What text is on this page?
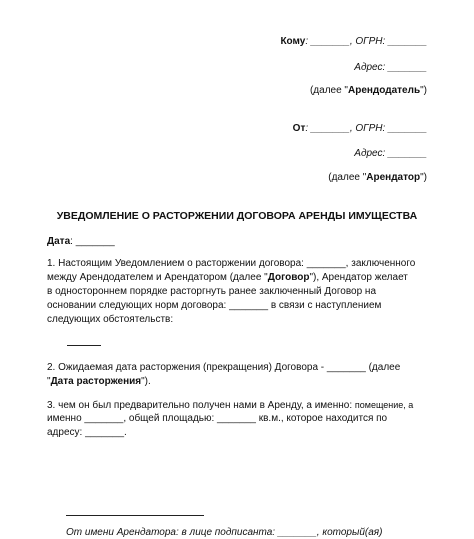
Кому: _______, ОГРН: _______
Адрес: _______
(далее "Арендодатель")
От: _______, ОГРН: _______
Адрес: _______
(далее "Арендатор")
УВЕДОМЛЕНИЕ О РАСТОРЖЕНИИ ДОГОВОРА АРЕНДЫ ИМУЩЕСТВА
Дата: _______
1. Настоящим Уведомлением о расторжении договора: _______, заключенного
между Арендодателем и Арендатором (далее "Договор"), Арендатор желает
в одностороннем порядке расторгнуть ранее заключенный Договор на
основании следующих норм договора: _______ в связи с наступлением
следующих обстоятельств:
2. Ожидаемая дата расторжения (прекращения) Договора - _______ (далее
"Дата расторжения").
3. чем он был предварительно получен нами в Аренду, а именно: помещение, а
именно _______, общей площадью: _______ кв.м., которое находится по
адресу: _______.
От имени Арендатора: в лице подписанта: _______, который(ая)
